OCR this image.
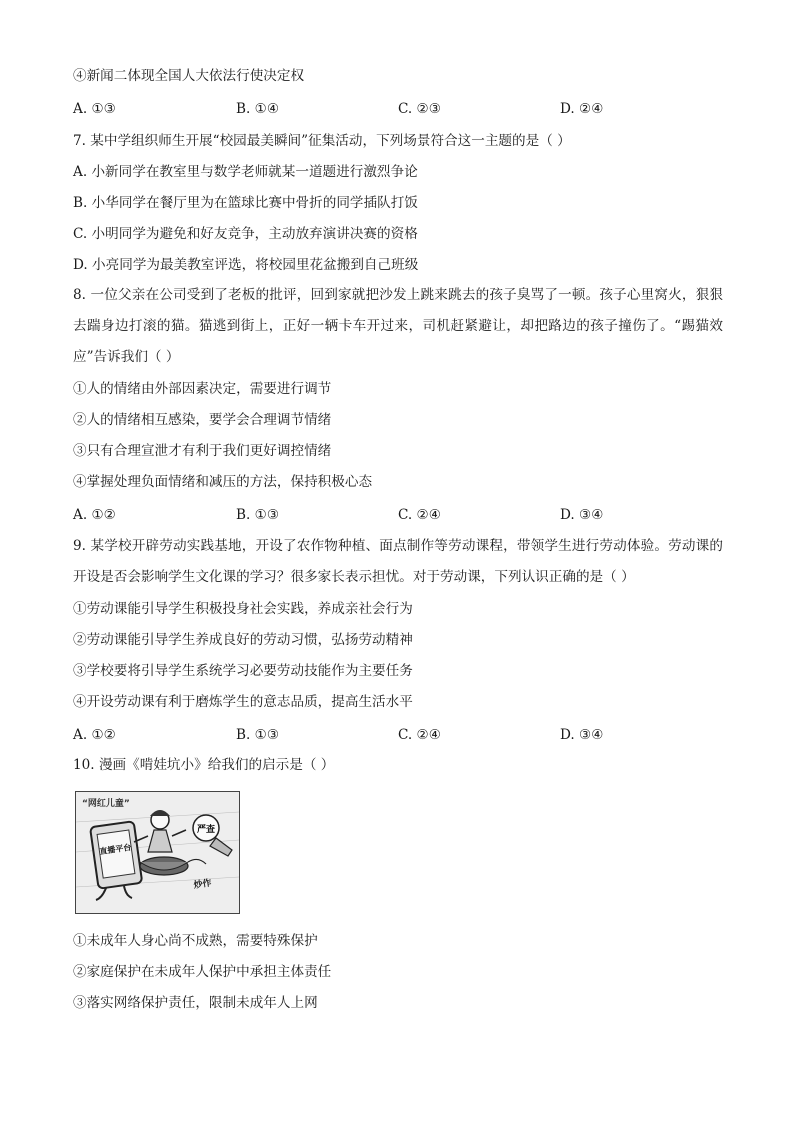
④新闻二体现全国人大依法行使决定权
A. ①③	B. ①④	C. ②③	D. ②④
7. 某中学组织师生开展“校园最美瞬间”征集活动，下列场景符合这一主题的是（ ）
A. 小新同学在教室里与数学老师就某一道题进行激烈争论
B. 小华同学在餐厅里为在篮球比赛中骨折的同学插队打饭
C. 小明同学为避免和好友竞争，主动放弃演讲决赛的资格
D. 小亮同学为最美教室评选，将校园里花盆搬到自己班级
8. 一位父亲在公司受到了老板的批评，回到家就把沙发上跳来跳去的孩子臭骂了一顿。孩子心里窝火，狠狠去踹身边打滚的猫。猫逃到街上，正好一辆卡车开过来，司机赶紧避让，却把路边的孩子撞伤了。“踢猫效应”告诉我们（ ）
①人的情绪由外部因素决定，需要进行调节
②人的情绪相互感染，要学会合理调节情绪
③只有合理宣泄才有利于我们更好调控情绪
④掌握处理负面情绪和减压的方法，保持积极心态
A. ①②	B. ①③	C. ②④	D. ③④
9. 某学校开辟劳动实践基地，开设了农作物种植、面点制作等劳动课程，带领学生进行劳动体验。劳动课的开设是否会影响学生文化课的学习？很多家长表示担忧。对于劳动课，下列认识正确的是（ ）
①劳动课能引导学生积极投身社会实践，养成亲社会行为
②劳动课能引导学生养成良好的劳动习惯，弘扬劳动精神
③学校要将引导学生系统学习必要劳动技能作为主要任务
④开设劳动课有利于磨炼学生的意志品质，提高生活水平
A. ①②	B. ①③	C. ②④	D. ③④
10. 漫画《啃娃坑小》给我们的启示是（ ）
“网红儿童”
直播平台
严查
炒作
①未成年人身心尚不成熟，需要特殊保护
②家庭保护在未成年人保护中承担主体责任
③落实网络保护责任，限制未成年人上网
